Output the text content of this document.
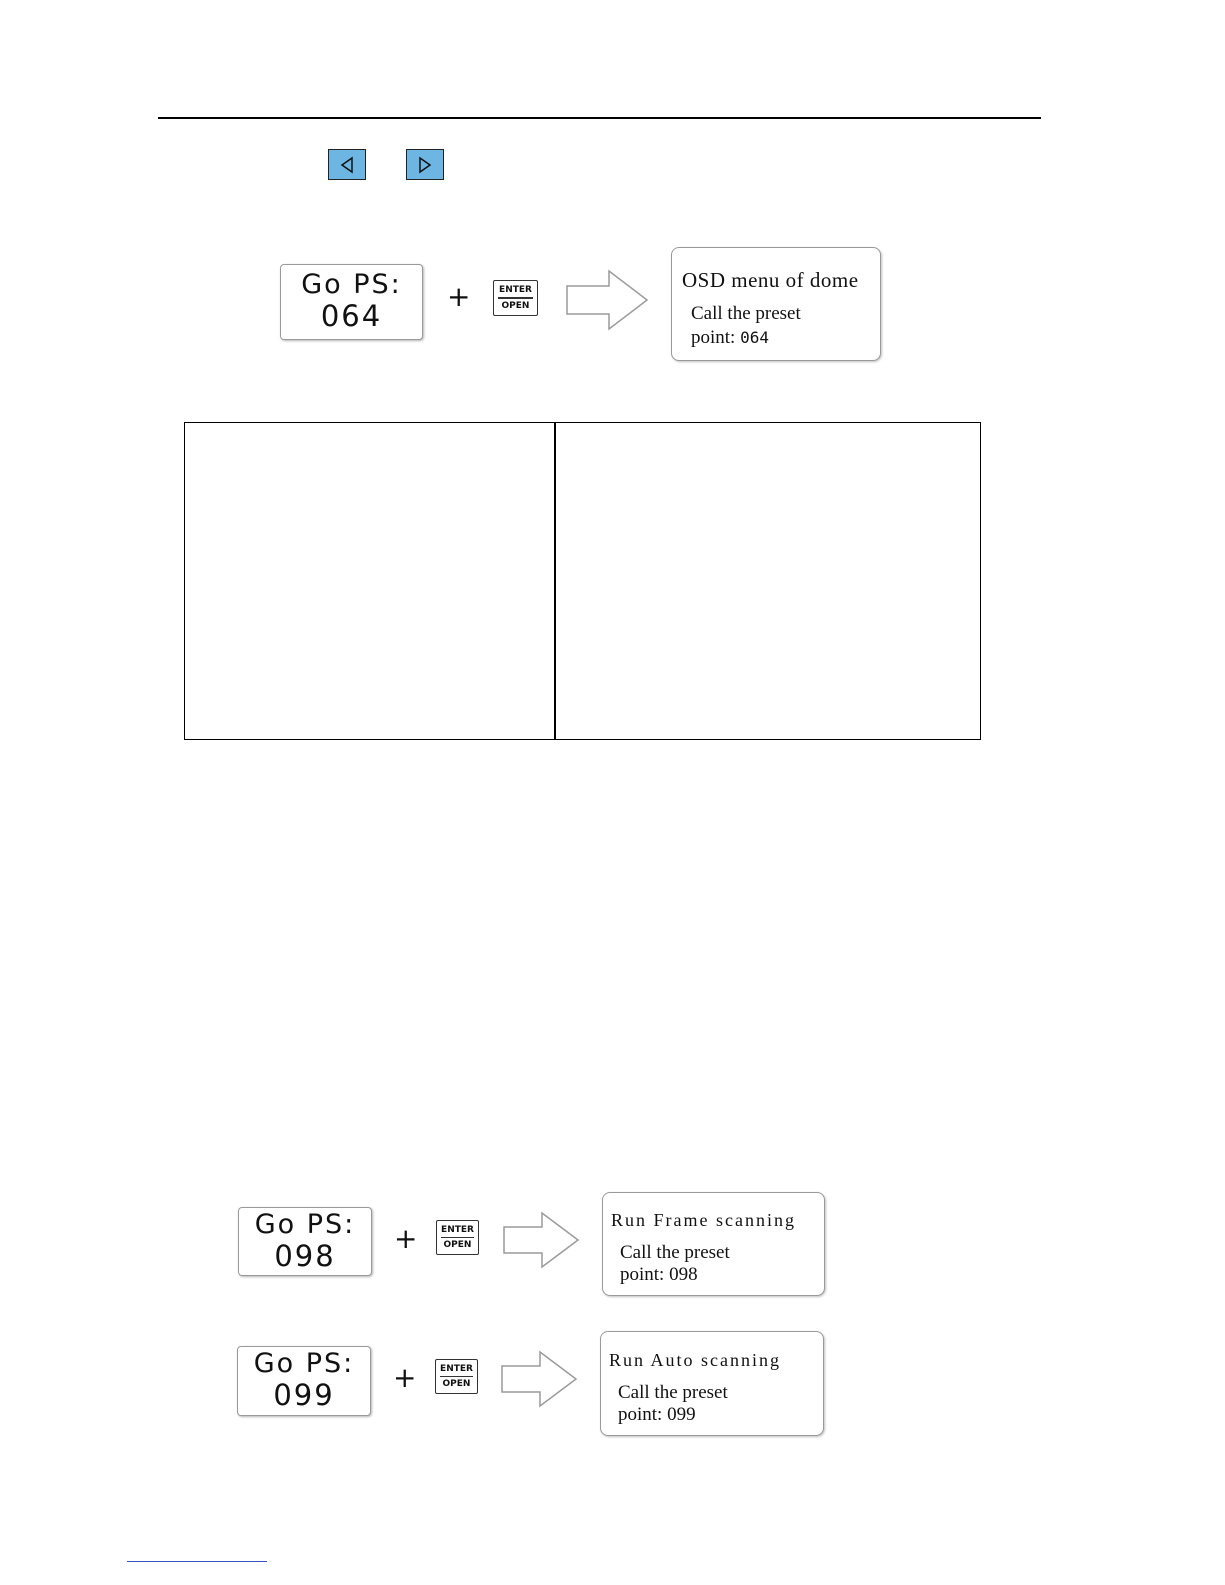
Go PS:
064
+	ENTER
OPEN
OSD menu of dome
Call the preset
point: 064
Go PS:
098
+	ENTER
OPEN
Run Frame scanning
Call the preset
point: 098
Go PS:
099
+	ENTER
OPEN
Run Auto scanning
Call the preset
point: 099
